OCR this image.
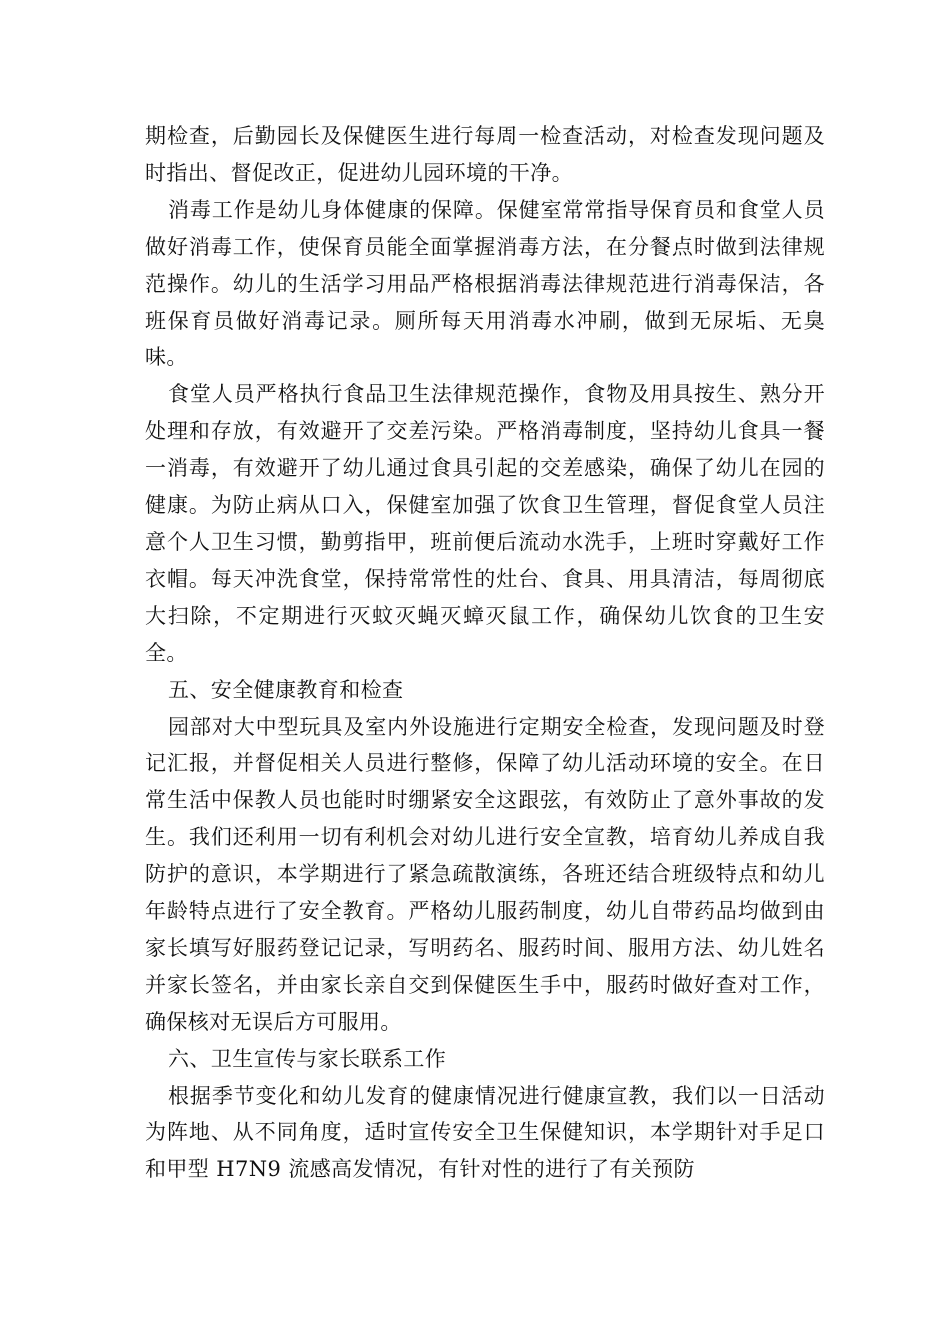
期检查，后勤园长及保健医生进行每周一检查活动，对检查发现问题及时指出、督促改正，促进幼儿园环境的干净。

消毒工作是幼儿身体健康的保障。保健室常常指导保育员和食堂人员做好消毒工作，使保育员能全面掌握消毒方法，在分餐点时做到法律规范操作。幼儿的生活学习用品严格根据消毒法律规范进行消毒保洁，各班保育员做好消毒记录。厕所每天用消毒水冲刷，做到无尿垢、无臭味。

食堂人员严格执行食品卫生法律规范操作，食物及用具按生、熟分开处理和存放，有效避开了交差污染。严格消毒制度，坚持幼儿食具一餐一消毒，有效避开了幼儿通过食具引起的交差感染，确保了幼儿在园的健康。为防止病从口入，保健室加强了饮食卫生管理，督促食堂人员注意个人卫生习惯，勤剪指甲，班前便后流动水洗手，上班时穿戴好工作衣帽。每天冲洗食堂，保持常常性的灶台、食具、用具清洁，每周彻底大扫除，不定期进行灭蚊灭蝇灭蟑灭鼠工作，确保幼儿饮食的卫生安全。

五、安全健康教育和检查

园部对大中型玩具及室内外设施进行定期安全检查，发现问题及时登记汇报，并督促相关人员进行整修，保障了幼儿活动环境的安全。在日常生活中保教人员也能时时绷紧安全这跟弦，有效防止了意外事故的发生。我们还利用一切有利机会对幼儿进行安全宣教，培育幼儿养成自我防护的意识，本学期进行了紧急疏散演练，各班还结合班级特点和幼儿年龄特点进行了安全教育。严格幼儿服药制度，幼儿自带药品均做到由家长填写好服药登记记录，写明药名、服药时间、服用方法、幼儿姓名并家长签名，并由家长亲自交到保健医生手中，服药时做好查对工作，确保核对无误后方可服用。

六、卫生宣传与家长联系工作

根据季节变化和幼儿发育的健康情况进行健康宣教，我们以一日活动为阵地、从不同角度，适时宣传安全卫生保健知识，本学期针对手足口和甲型 H7N9 流感高发情况，有针对性的进行了有关预防
